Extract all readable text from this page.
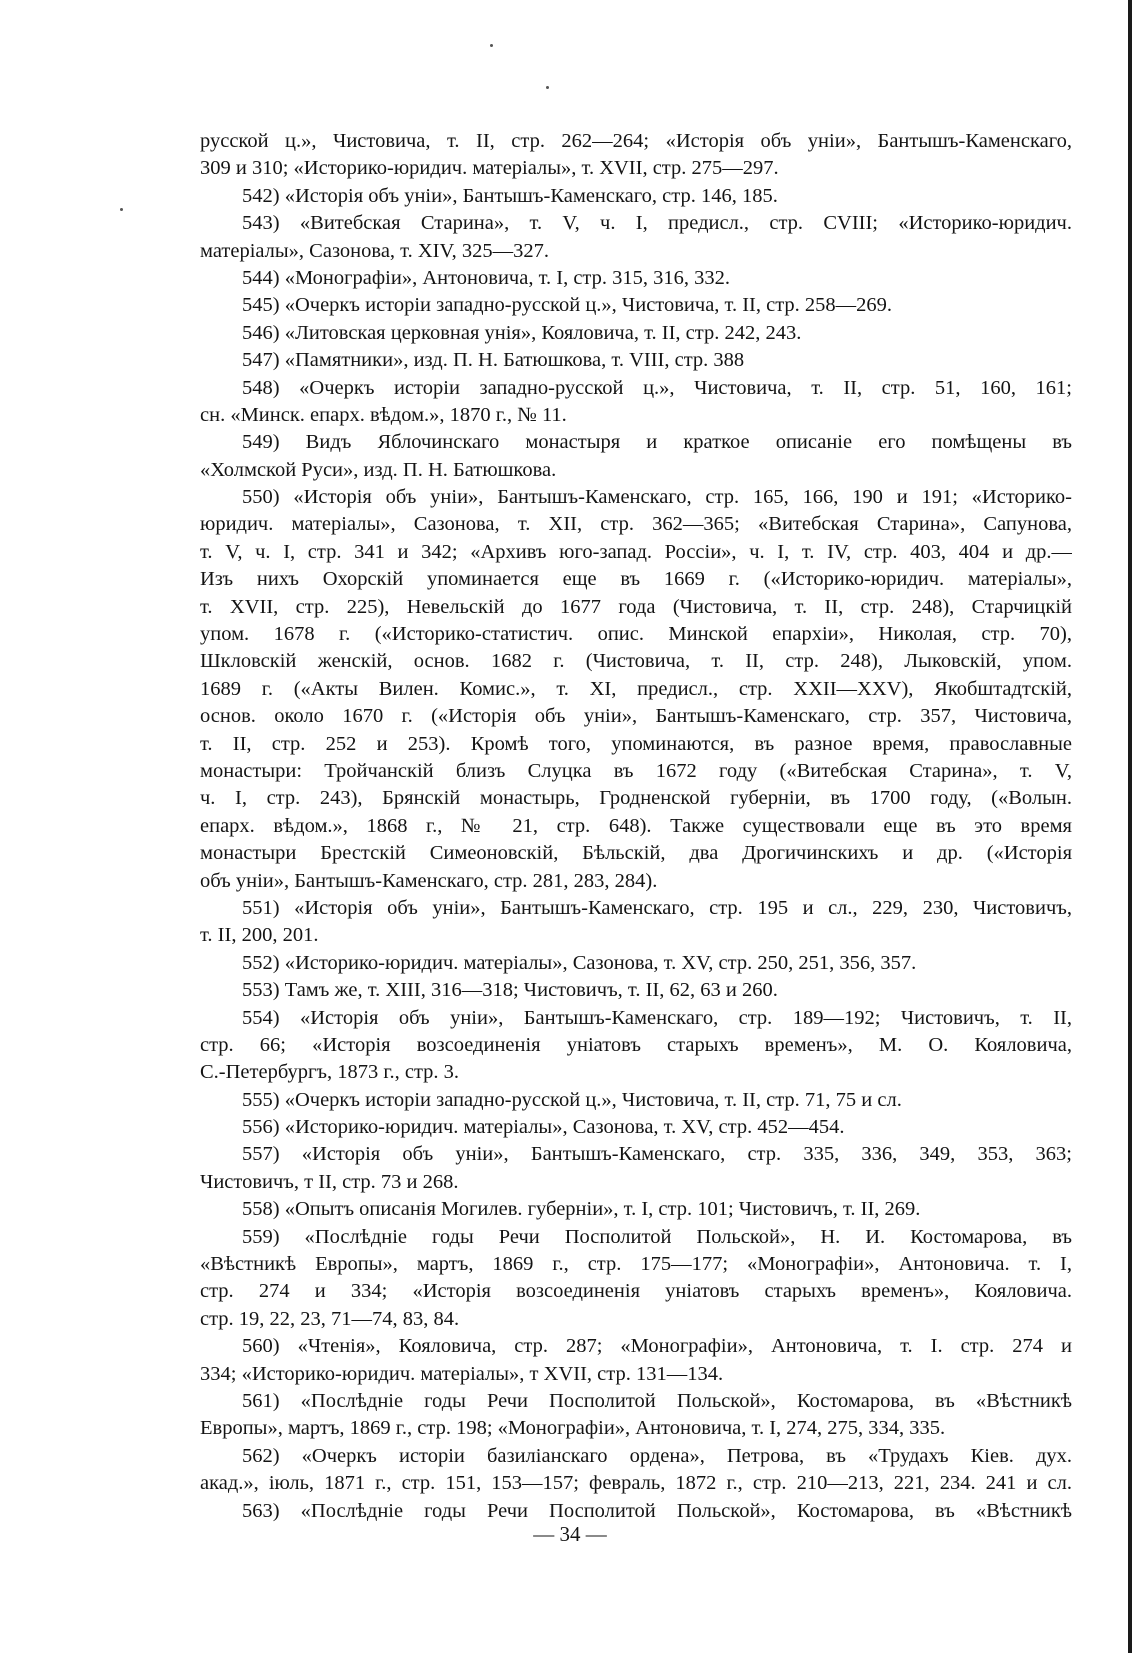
русской ц.», Чистовича, т. II, стр. 262—264; «Исторія объ уніи», Бантышъ-Каменскаго,
309 и 310; «Историко-юридич. матеріалы», т. XVII, стр. 275—297.
542) «Исторія объ уніи», Бантышъ-Каменскаго, стр. 146, 185.
543) «Витебская Старина», т. V, ч. I, предисл., стр. CVIII; «Историко-юридич.
матеріалы», Сазонова, т. XIV, 325—327.
544) «Монографіи», Антоновича, т. I, стр. 315, 316, 332.
545) «Очеркъ исторіи западно-русской ц.», Чистовича, т. II, стр. 258—269.
546) «Литовская церковная унія», Кояловича, т. II, стр. 242, 243.
547) «Памятники», изд. П. Н. Батюшкова, т. VIII, стр. 388
548) «Очеркъ исторіи западно-русской ц.», Чистовича, т. II, стр. 51, 160, 161;
сн. «Минск. епарх. вѣдом.», 1870 г., № 11.
549) Видъ Яблочинскаго монастыря и краткое описаніе его помѣщены въ
«Холмской Руси», изд. П. Н. Батюшкова.
550) «Исторія объ уніи», Бантышъ-Каменскаго, стр. 165, 166, 190 и 191; «Историко-
юридич. матеріалы», Сазонова, т. XII, стр. 362—365; «Витебская Старина», Сапунова,
т. V, ч. I, стр. 341 и 342; «Архивъ юго-запад. Россіи», ч. I, т. IV, стр. 403, 404 и др.—
Изъ нихъ Охорскій упоминается еще въ 1669 г. («Историко-юридич. матеріалы»,
т. XVII, стр. 225), Невельскій до 1677 года (Чистовича, т. II, стр. 248), Старчицкій
упом. 1678 г. («Историко-статистич. опис. Минской епархіи», Николая, стр. 70),
Шкловскій женскій, основ. 1682 г. (Чистовича, т. II, стр. 248), Лыковскій, упом.
1689 г. («Акты Вилен. Комис.», т. XI, предисл., стр. XXII—XXV), Якобштадтскій,
основ. около 1670 г. («Исторія объ уніи», Бантышъ-Каменскаго, стр. 357, Чистовича,
т. II, стр. 252 и 253). Кромѣ того, упоминаются, въ разное время, православные
монастыри: Тройчанскій близъ Слуцка въ 1672 году («Витебская Старина», т. V,
ч. I, стр. 243), Брянскій монастырь, Гродненской губерніи, въ 1700 году, («Волын.
епарх. вѣдом.», 1868 г., № 21, стр. 648). Также существовали еще въ это время
монастыри Брестскій Симеоновскій, Бѣльскій, два Дрогичинскихъ и др. («Исторія
объ уніи», Бантышъ-Каменскаго, стр. 281, 283, 284).
551) «Исторія объ уніи», Бантышъ-Каменскаго, стр. 195 и сл., 229, 230, Чистовичъ,
т. II, 200, 201.
552) «Историко-юридич. матеріалы», Сазонова, т. XV, стр. 250, 251, 356, 357.
553) Тамъ же, т. XIII, 316—318; Чистовичъ, т. II, 62, 63 и 260.
554) «Исторія объ уніи», Бантышъ-Каменскаго, стр. 189—192; Чистовичъ, т. II,
стр. 66; «Исторія возсоединенія уніатовъ старыхъ временъ», М. О. Кояловича,
С.-Петербургъ, 1873 г., стр. 3.
555) «Очеркъ исторіи западно-русской ц.», Чистовича, т. II, стр. 71, 75 и сл.
556) «Историко-юридич. матеріалы», Сазонова, т. XV, стр. 452—454.
557) «Исторія объ уніи», Бантышъ-Каменскаго, стр. 335, 336, 349, 353, 363;
Чистовичъ, т II, стр. 73 и 268.
558) «Опытъ описанія Могилев. губерніи», т. I, стр. 101; Чистовичъ, т. II, 269.
559) «Послѣдніе годы Речи Посполитой Польской», Н. И. Костомарова, въ
«Вѣстникѣ Европы», мартъ, 1869 г., стр. 175—177; «Монографіи», Антоновича. т. I,
стр. 274 и 334; «Исторія возсоединенія уніатовъ старыхъ временъ», Кояловича.
стр. 19, 22, 23, 71—74, 83, 84.
560) «Чтенія», Кояловича, стр. 287; «Монографіи», Антоновича, т. I. стр. 274 и
334; «Историко-юридич. матеріалы», т XVII, стр. 131—134.
561) «Послѣдніе годы Речи Посполитой Польской», Костомарова, въ «Вѣстникѣ
Европы», мартъ, 1869 г., стр. 198; «Монографіи», Антоновича, т. I, 274, 275, 334, 335.
562) «Очеркъ исторіи базиліанскаго ордена», Петрова, въ «Трудахъ Кіев. дух.
акад.», іюль, 1871 г., стр. 151, 153—157; февраль, 1872 г., стр. 210—213, 221, 234. 241 и сл.
563) «Послѣдніе годы Речи Посполитой Польской», Костомарова, въ «Вѣстникѣ
— 34 —
